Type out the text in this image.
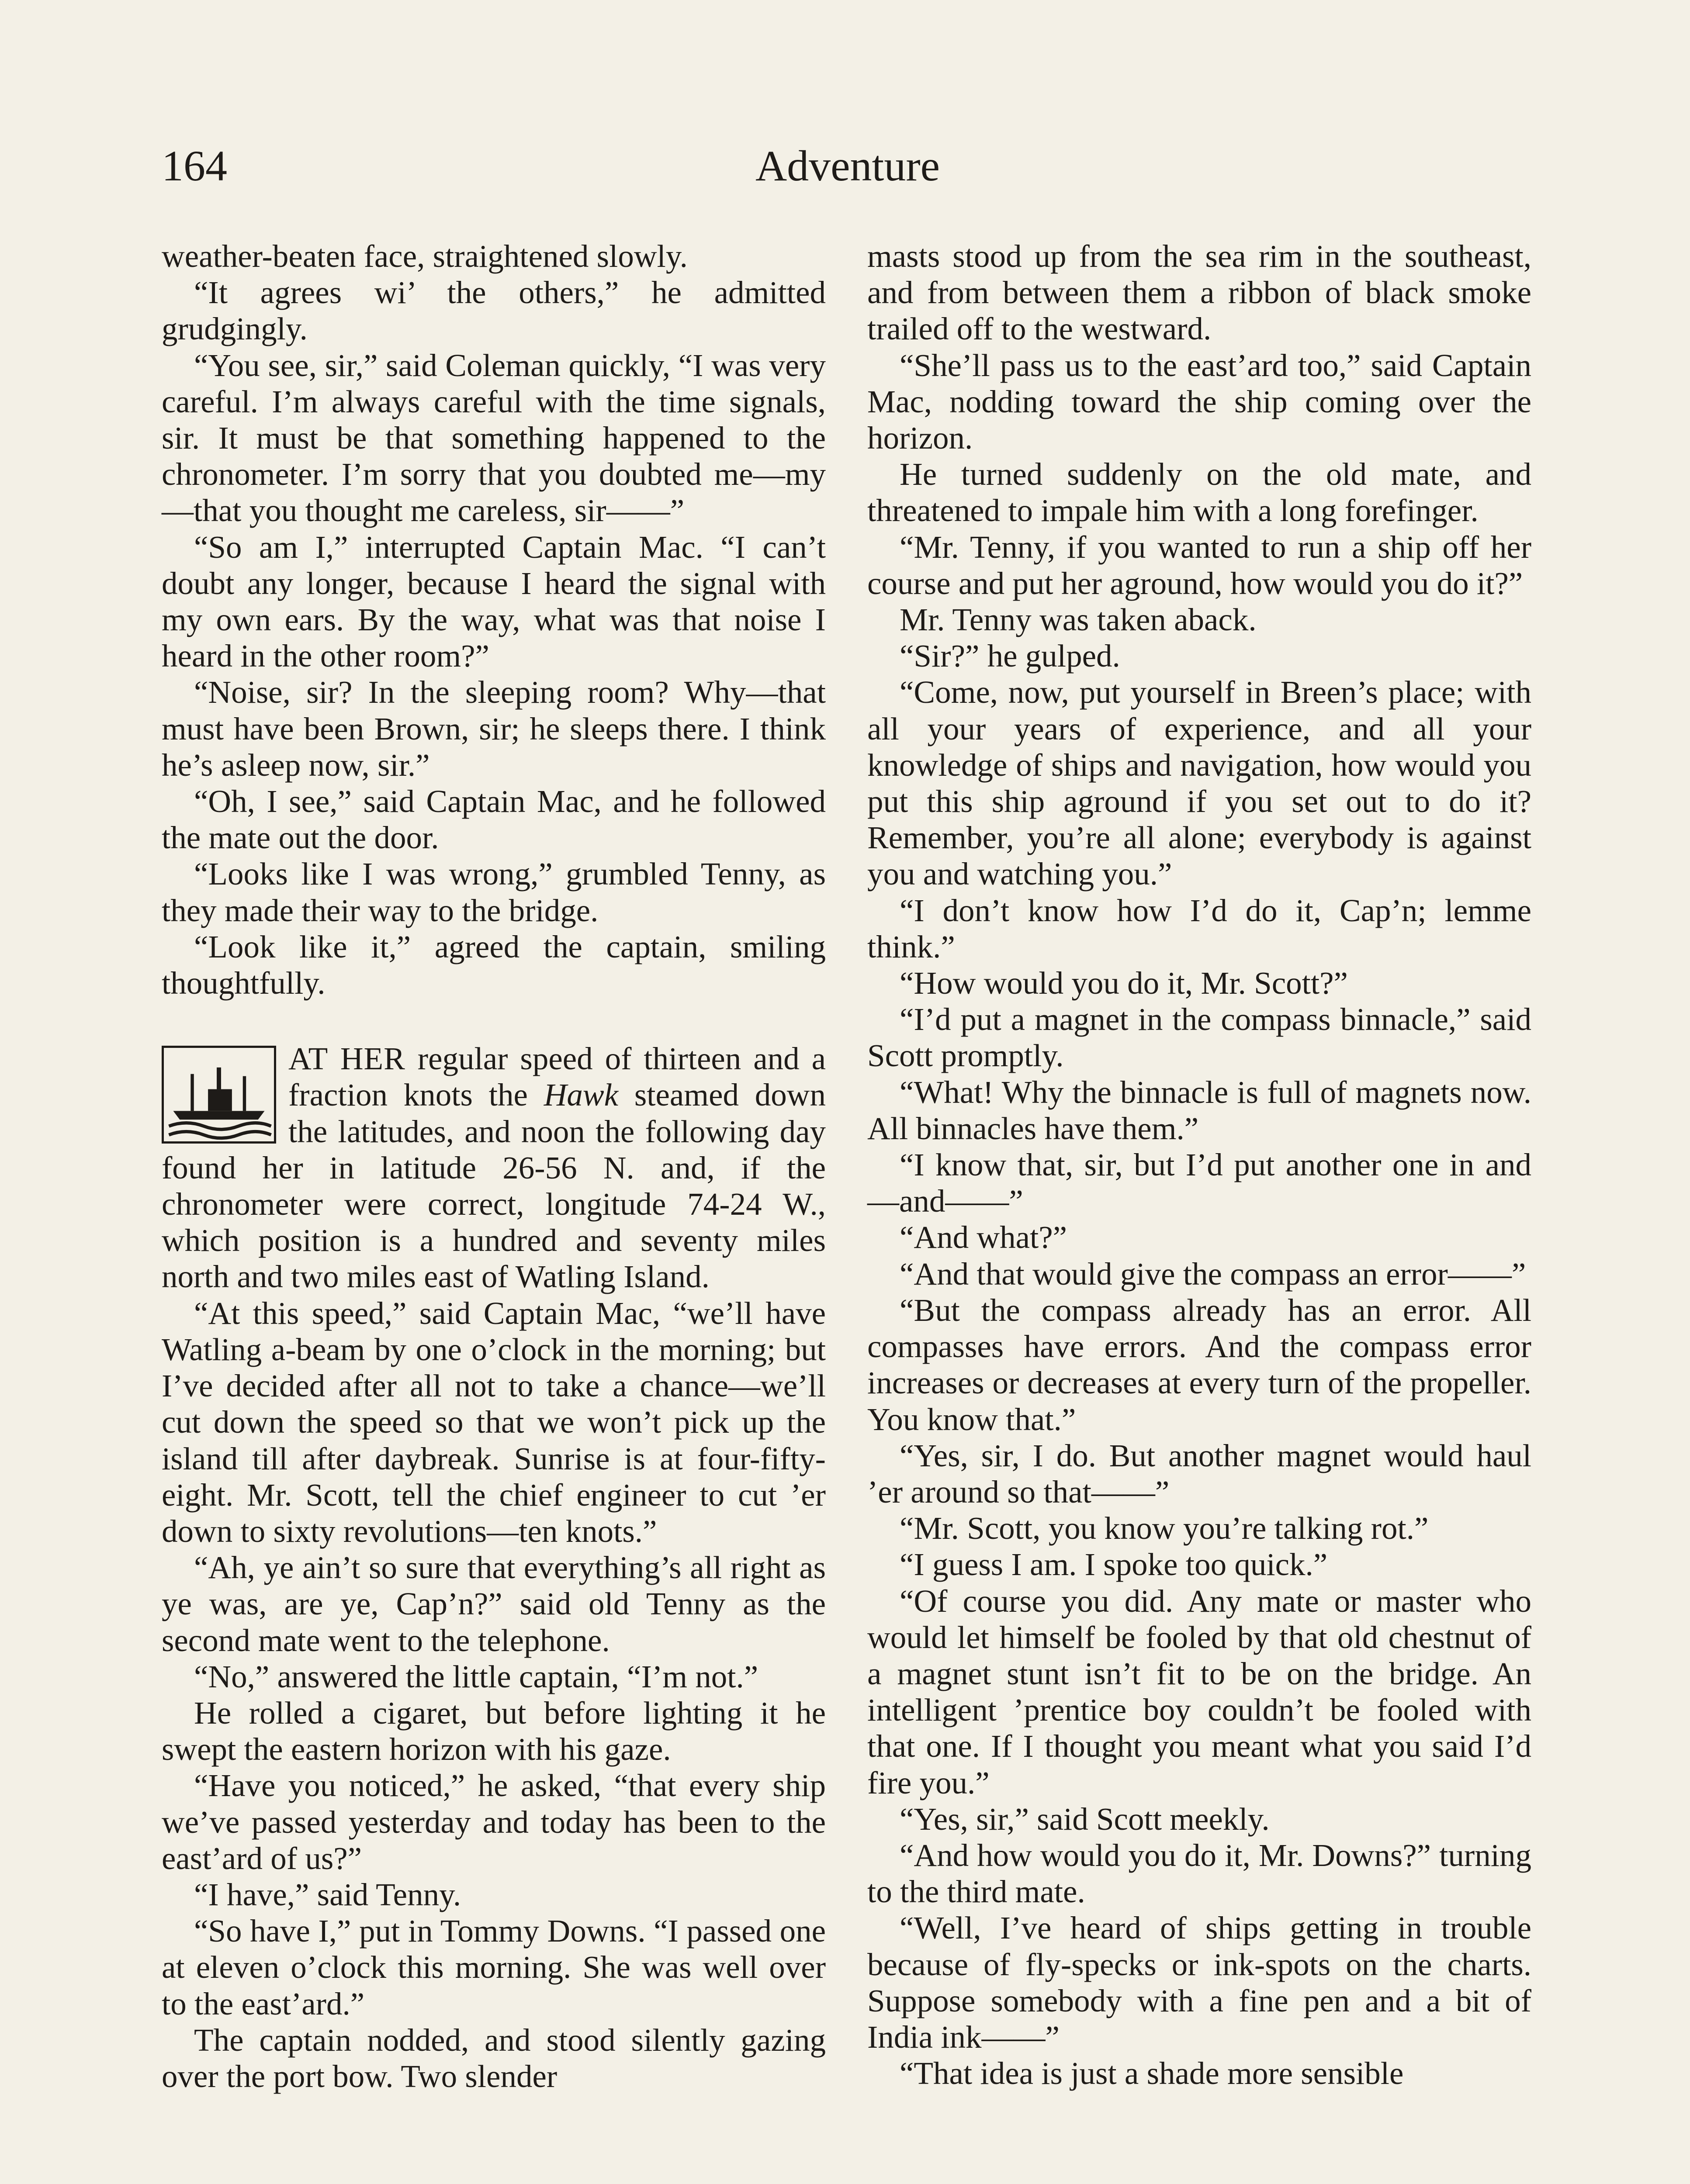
164	Adventure

weather-beaten face, straightened slowly.

“It agrees wi’ the others,” he admitted grudgingly.

“You see, sir,” said Coleman quickly, “I was very careful. I’m always careful with the time signals, sir. It must be that something happened to the chronometer. I’m sorry that you doubted me—my—that you thought me careless, sir——”

“So am I,” interrupted Captain Mac. “I can’t doubt any longer, because I heard the signal with my own ears. By the way, what was that noise I heard in the other room?”

“Noise, sir? In the sleeping room? Why—that must have been Brown, sir; he sleeps there. I think he’s asleep now, sir.”

“Oh, I see,” said Captain Mac, and he followed the mate out the door.

“Looks like I was wrong,” grumbled Tenny, as they made their way to the bridge.

“Look like it,” agreed the captain, smiling thoughtfully.

AT HER regular speed of thirteen and a fraction knots the Hawk steamed down the latitudes, and noon the following day found her in latitude 26-56 N. and, if the chronometer were correct, longitude 74-24 W., which position is a hundred and seventy miles north and two miles east of Watling Island.

“At this speed,” said Captain Mac, “we’ll have Watling a-beam by one o’clock in the morning; but I’ve decided after all not to take a chance—we’ll cut down the speed so that we won’t pick up the island till after daybreak. Sunrise is at four-fifty-eight. Mr. Scott, tell the chief engineer to cut ’er down to sixty revolutions—ten knots.”

“Ah, ye ain’t so sure that everything’s all right as ye was, are ye, Cap’n?” said old Tenny as the second mate went to the telephone.

“No,” answered the little captain, “I’m not.”

He rolled a cigaret, but before lighting it he swept the eastern horizon with his gaze.

“Have you noticed,” he asked, “that every ship we’ve passed yesterday and today has been to the east’ard of us?”

“I have,” said Tenny.

“So have I,” put in Tommy Downs. “I passed one at eleven o’clock this morning. She was well over to the east’ard.”

The captain nodded, and stood silently gazing over the port bow. Two slender

masts stood up from the sea rim in the southeast, and from between them a ribbon of black smoke trailed off to the westward.

“She’ll pass us to the east’ard too,” said Captain Mac, nodding toward the ship coming over the horizon.

He turned suddenly on the old mate, and threatened to impale him with a long forefinger.

“Mr. Tenny, if you wanted to run a ship off her course and put her aground, how would you do it?”

Mr. Tenny was taken aback.

“Sir?” he gulped.

“Come, now, put yourself in Breen’s place; with all your years of experience, and all your knowledge of ships and navigation, how would you put this ship aground if you set out to do it? Remember, you’re all alone; everybody is against you and watching you.”

“I don’t know how I’d do it, Cap’n; lemme think.”

“How would you do it, Mr. Scott?”

“I’d put a magnet in the compass binnacle,” said Scott promptly.

“What! Why the binnacle is full of magnets now. All binnacles have them.”

“I know that, sir, but I’d put another one in and—and——”

“And what?”

“And that would give the compass an error——”

“But the compass already has an error. All compasses have errors. And the compass error increases or decreases at every turn of the propeller. You know that.”

“Yes, sir, I do. But another magnet would haul ’er around so that——”

“Mr. Scott, you know you’re talking rot.”

“I guess I am. I spoke too quick.”

“Of course you did. Any mate or master who would let himself be fooled by that old chestnut of a magnet stunt isn’t fit to be on the bridge. An intelligent ’prentice boy couldn’t be fooled with that one. If I thought you meant what you said I’d fire you.”

“Yes, sir,” said Scott meekly.

“And how would you do it, Mr. Downs?” turning to the third mate.

“Well, I’ve heard of ships getting in trouble because of fly-specks or ink-spots on the charts. Suppose somebody with a fine pen and a bit of India ink——”

“That idea is just a shade more sensible
